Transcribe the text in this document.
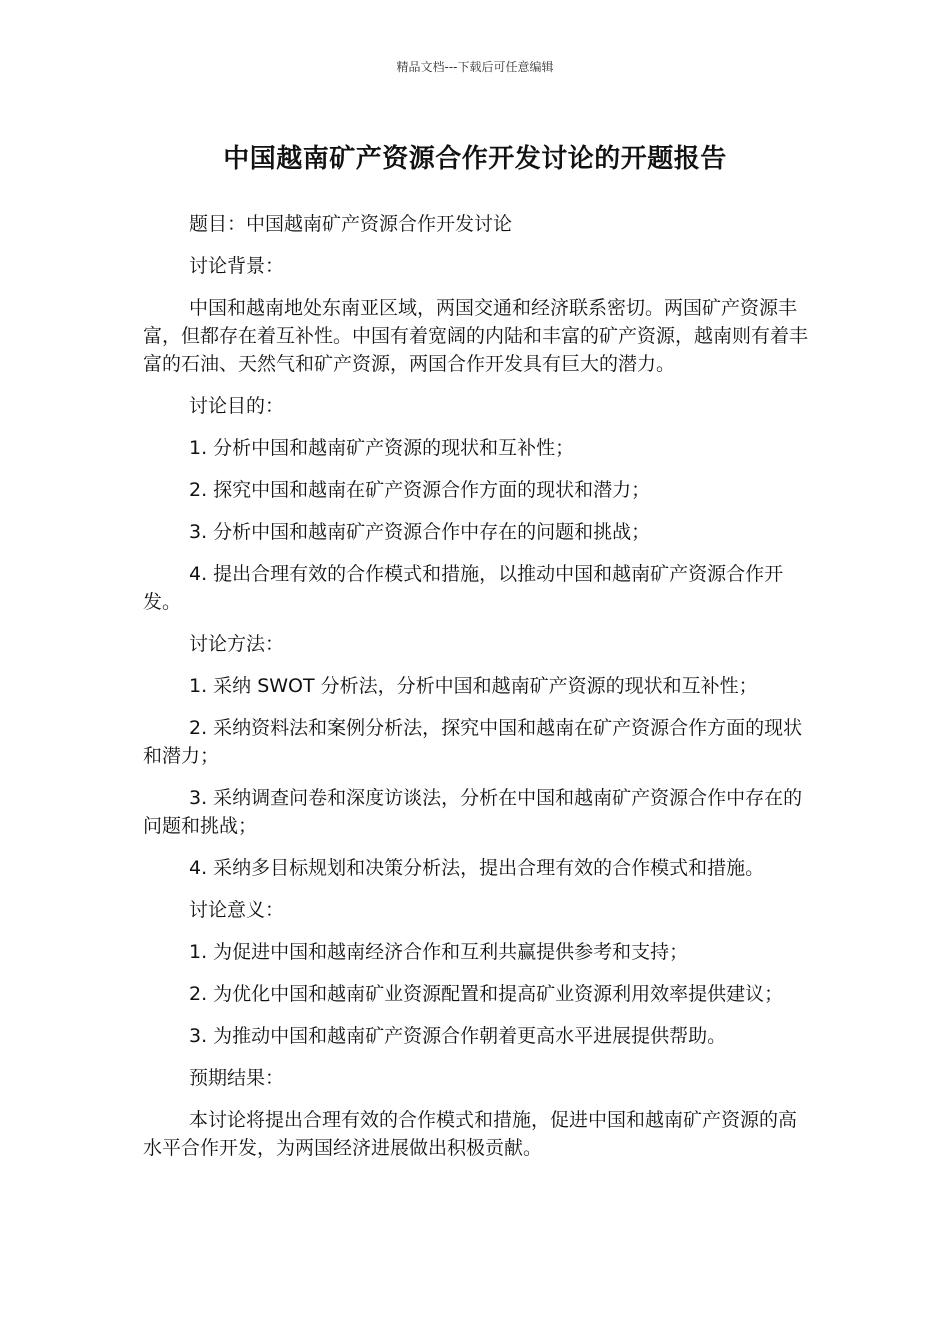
精品文档---下载后可任意编辑

中国越南矿产资源合作开发讨论的开题报告

题目：中国越南矿产资源合作开发讨论

讨论背景：

中国和越南地处东南亚区域，两国交通和经济联系密切。两国矿产资源丰富，但都存在着互补性。中国有着宽阔的内陆和丰富的矿产资源，越南则有着丰富的石油、天然气和矿产资源，两国合作开发具有巨大的潜力。

讨论目的：

1. 分析中国和越南矿产资源的现状和互补性；

2. 探究中国和越南在矿产资源合作方面的现状和潜力；

3. 分析中国和越南矿产资源合作中存在的问题和挑战；

4. 提出合理有效的合作模式和措施，以推动中国和越南矿产资源合作开发。

讨论方法：

1. 采纳 SWOT 分析法，分析中国和越南矿产资源的现状和互补性；

2. 采纳资料法和案例分析法，探究中国和越南在矿产资源合作方面的现状和潜力；

3. 采纳调查问卷和深度访谈法，分析在中国和越南矿产资源合作中存在的问题和挑战；

4. 采纳多目标规划和决策分析法，提出合理有效的合作模式和措施。

讨论意义：

1. 为促进中国和越南经济合作和互利共赢提供参考和支持；

2. 为优化中国和越南矿业资源配置和提高矿业资源利用效率提供建议；

3. 为推动中国和越南矿产资源合作朝着更高水平进展提供帮助。

预期结果：

本讨论将提出合理有效的合作模式和措施，促进中国和越南矿产资源的高水平合作开发，为两国经济进展做出积极贡献。
